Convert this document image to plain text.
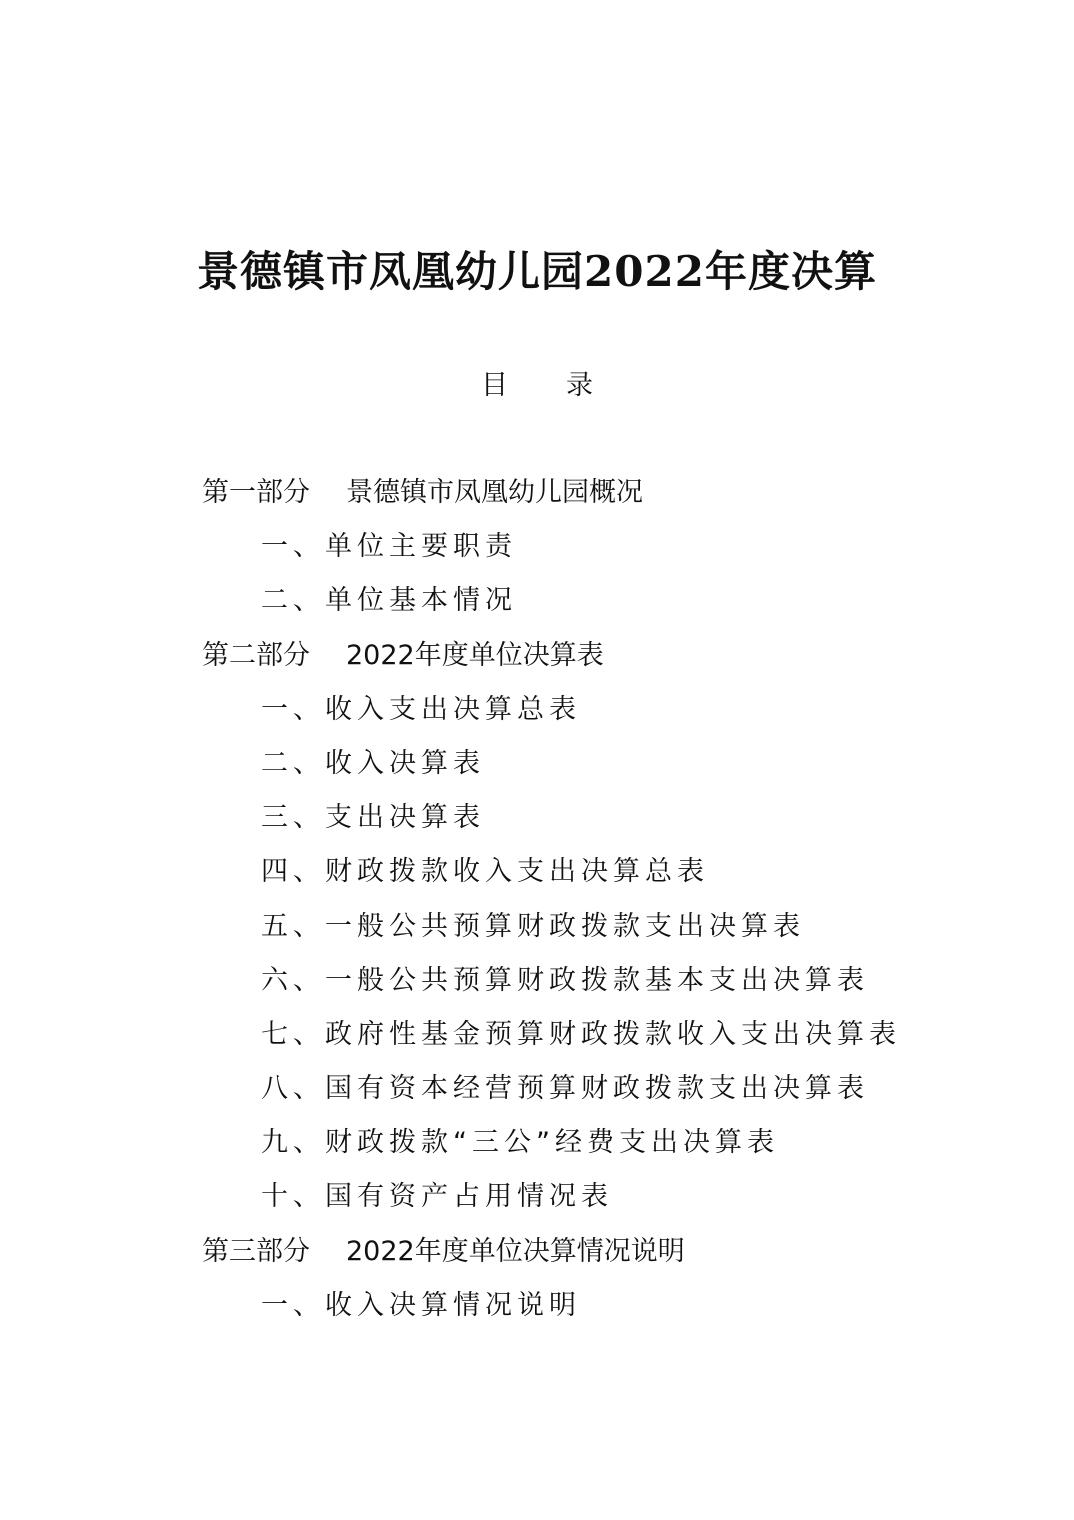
景德镇市凤凰幼儿园2022年度决算
目 录
第一部分 景德镇市凤凰幼儿园概况
一、单位主要职责
二、单位基本情况
第二部分 2022年度单位决算表
一、收入支出决算总表
二、收入决算表
三、支出决算表
四、财政拨款收入支出决算总表
五、一般公共预算财政拨款支出决算表
六、一般公共预算财政拨款基本支出决算表
七、政府性基金预算财政拨款收入支出决算表
八、国有资本经营预算财政拨款支出决算表
九、财政拨款“三公”经费支出决算表
十、国有资产占用情况表
第三部分 2022年度单位决算情况说明
一、收入决算情况说明
